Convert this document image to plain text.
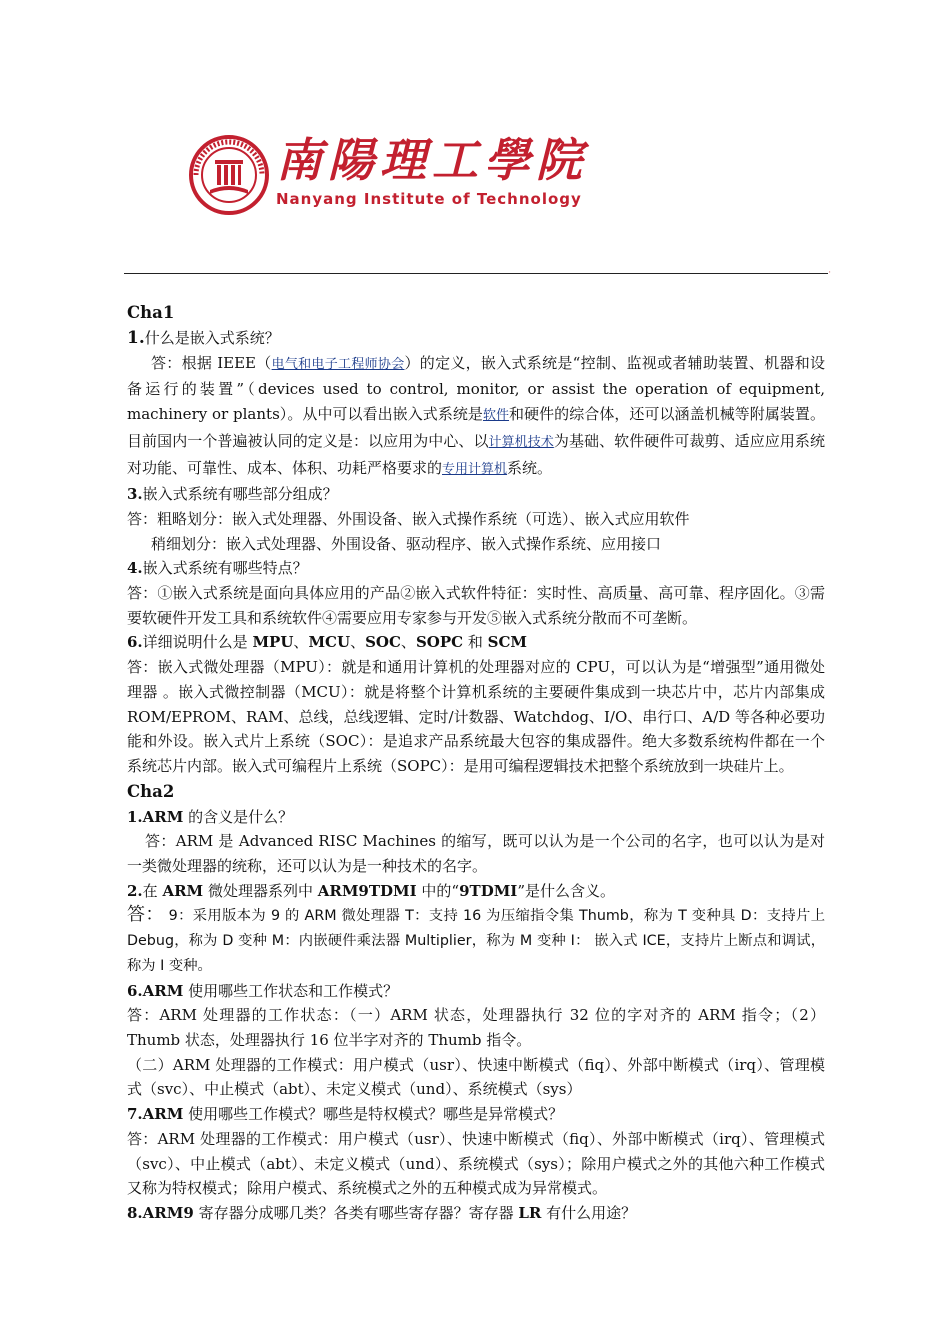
南陽理工學院
Nanyang Institute of Technology
'

Cha1

1.什么是嵌入式系统？

答：根据 IEEE（电气和电子工程师协会）的定义，嵌入式系统是“控制、监视或者辅助装置、机器和设备运行的装置”（devices used to control, monitor, or assist the operation of equipment, machinery or plants）。从中可以看出嵌入式系统是软件和硬件的综合体，还可以涵盖机械等附属装置。目前国内一个普遍被认同的定义是：以应用为中心、以计算机技术为基础、软件硬件可裁剪、适应应用系统对功能、可靠性、成本、体积、功耗严格要求的专用计算机系统。

3.嵌入式系统有哪些部分组成？

答：粗略划分：嵌入式处理器、外围设备、嵌入式操作系统（可选）、嵌入式应用软件

稍细划分：嵌入式处理器、外围设备、驱动程序、嵌入式操作系统、应用接口

4.嵌入式系统有哪些特点？

答：①嵌入式系统是面向具体应用的产品②嵌入式软件特征：实时性、高质量、高可靠、程序固化。③需要软硬件开发工具和系统软件④需要应用专家参与开发⑤嵌入式系统分散而不可垄断。

6.详细说明什么是 MPU、MCU、SOC、SOPC 和 SCM

答：嵌入式微处理器（MPU）：就是和通用计算机的处理器对应的 CPU，可以认为是“增强型”通用微处理器 。嵌入式微控制器（MCU）：就是将整个计算机系统的主要硬件集成到一块芯片中，芯片内部集成 ROM/EPROM、RAM、总线，总线逻辑、定时/计数器、Watchdog、I/O、串行口、A/D 等各种必要功能和外设。嵌入式片上系统（SOC）：是追求产品系统最大包容的集成器件。绝大多数系统构件都在一个系统芯片内部。嵌入式可编程片上系统（SOPC）：是用可编程逻辑技术把整个系统放到一块硅片上。

Cha2

1.ARM 的含义是什么？

答：ARM 是 Advanced RISC Machines 的缩写，既可以认为是一个公司的名字，也可以认为是对一类微处理器的统称，还可以认为是一种技术的名字。

2.在 ARM 微处理器系列中 ARM9TDMI 中的“9TDMI”是什么含义。

答： 9：采用版本为 9 的 ARM 微处理器 T：支持 16 为压缩指令集 Thumb，称为 T 变种具 D：支持片上 Debug，称为 D 变种 M：内嵌硬件乘法器 Multiplier，称为 M 变种 I： 嵌入式 ICE，支持片上断点和调试，称为 I 变种。

6.ARM 使用哪些工作状态和工作模式？

答：ARM 处理器的工作状态：（一）ARM 状态，处理器执行 32 位的字对齐的 ARM 指令；（2）Thumb 状态，处理器执行 16 位半字对齐的 Thumb 指令。

（二）ARM 处理器的工作模式：用户模式（usr）、快速中断模式（fiq）、外部中断模式（irq）、管理模式（svc）、中止模式（abt）、未定义模式（und）、系统模式（sys）

7.ARM 使用哪些工作模式？哪些是特权模式？哪些是异常模式？

答：ARM 处理器的工作模式：用户模式（usr）、快速中断模式（fiq）、外部中断模式（irq）、管理模式（svc）、中止模式（abt）、未定义模式（und）、系统模式（sys）；除用户模式之外的其他六种工作模式又称为特权模式；除用户模式、系统模式之外的五种模式成为异常模式。

8.ARM9 寄存器分成哪几类？各类有哪些寄存器？寄存器 LR 有什么用途？
